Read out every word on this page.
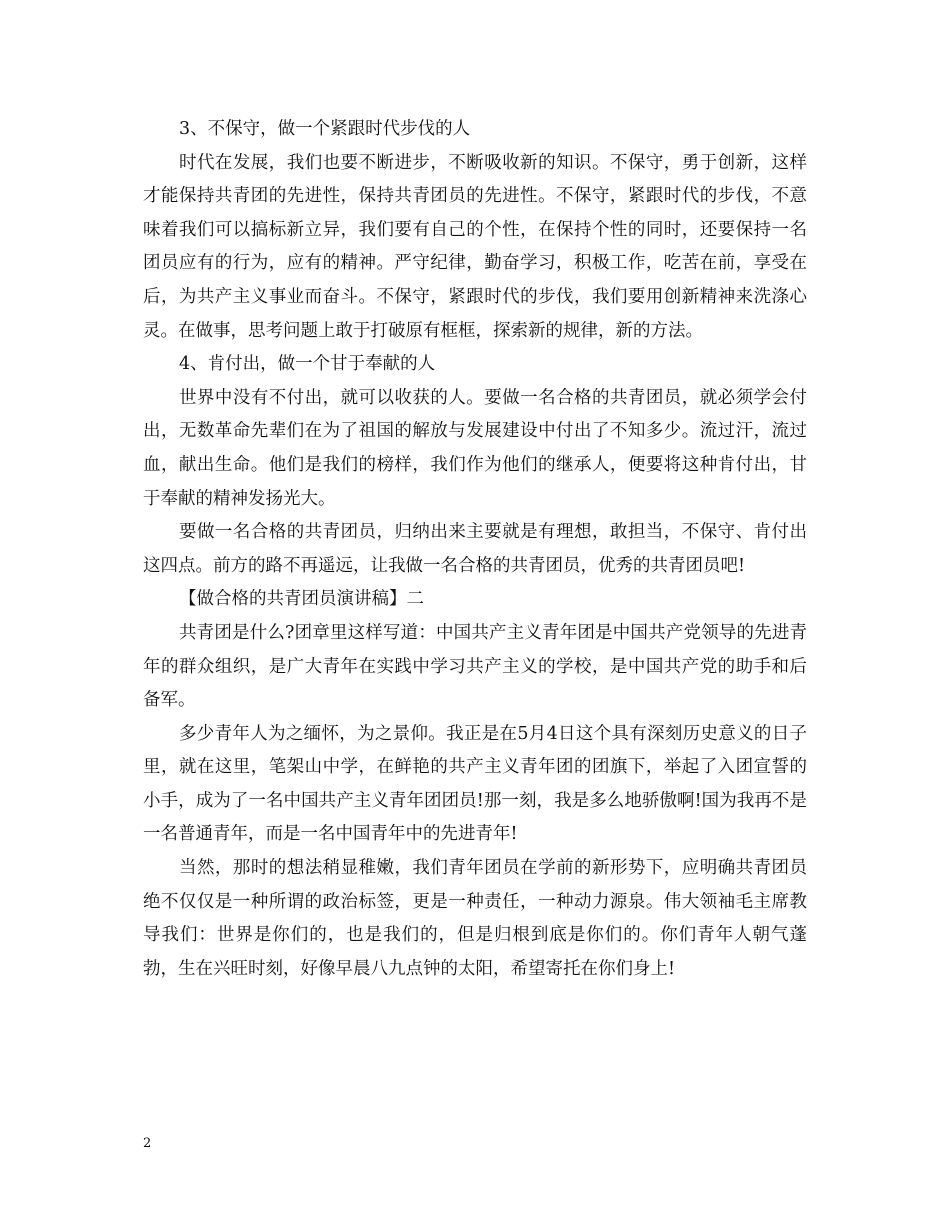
3、不保守，做一个紧跟时代步伐的人

时代在发展，我们也要不断进步，不断吸收新的知识。不保守，勇于创新，这样才能保持共青团的先进性，保持共青团员的先进性。不保守，紧跟时代的步伐，不意味着我们可以搞标新立异，我们要有自己的个性，在保持个性的同时，还要保持一名团员应有的行为，应有的精神。严守纪律，勤奋学习，积极工作，吃苦在前，享受在后，为共产主义事业而奋斗。不保守，紧跟时代的步伐，我们要用创新精神来洗涤心灵。在做事，思考问题上敢于打破原有框框，探索新的规律，新的方法。

4、肯付出，做一个甘于奉献的人

世界中没有不付出，就可以收获的人。要做一名合格的共青团员，就必须学会付出，无数革命先辈们在为了祖国的解放与发展建设中付出了不知多少。流过汗，流过血，献出生命。他们是我们的榜样，我们作为他们的继承人，便要将这种肯付出，甘于奉献的精神发扬光大。

要做一名合格的共青团员，归纳出来主要就是有理想，敢担当，不保守、肯付出这四点。前方的路不再遥远，让我做一名合格的共青团员，优秀的共青团员吧!

【做合格的共青团员演讲稿】二

共青团是什么?团章里这样写道：中国共产主义青年团是中国共产党领导的先进青年的群众组织，是广大青年在实践中学习共产主义的学校，是中国共产党的助手和后备军。

多少青年人为之缅怀，为之景仰。我正是在5月4日这个具有深刻历史意义的日子里，就在这里，笔架山中学，在鲜艳的共产主义青年团的团旗下，举起了入团宣誓的小手，成为了一名中国共产主义青年团团员!那一刻，我是多么地骄傲啊!国为我再不是一名普通青年，而是一名中国青年中的先进青年!

当然，那时的想法稍显稚嫩，我们青年团员在学前的新形势下，应明确共青团员绝不仅仅是一种所谓的政治标签，更是一种责任，一种动力源泉。伟大领袖毛主席教导我们：世界是你们的，也是我们的，但是归根到底是你们的。你们青年人朝气蓬勃，生在兴旺时刻，好像早晨八九点钟的太阳，希望寄托在你们身上!

2
